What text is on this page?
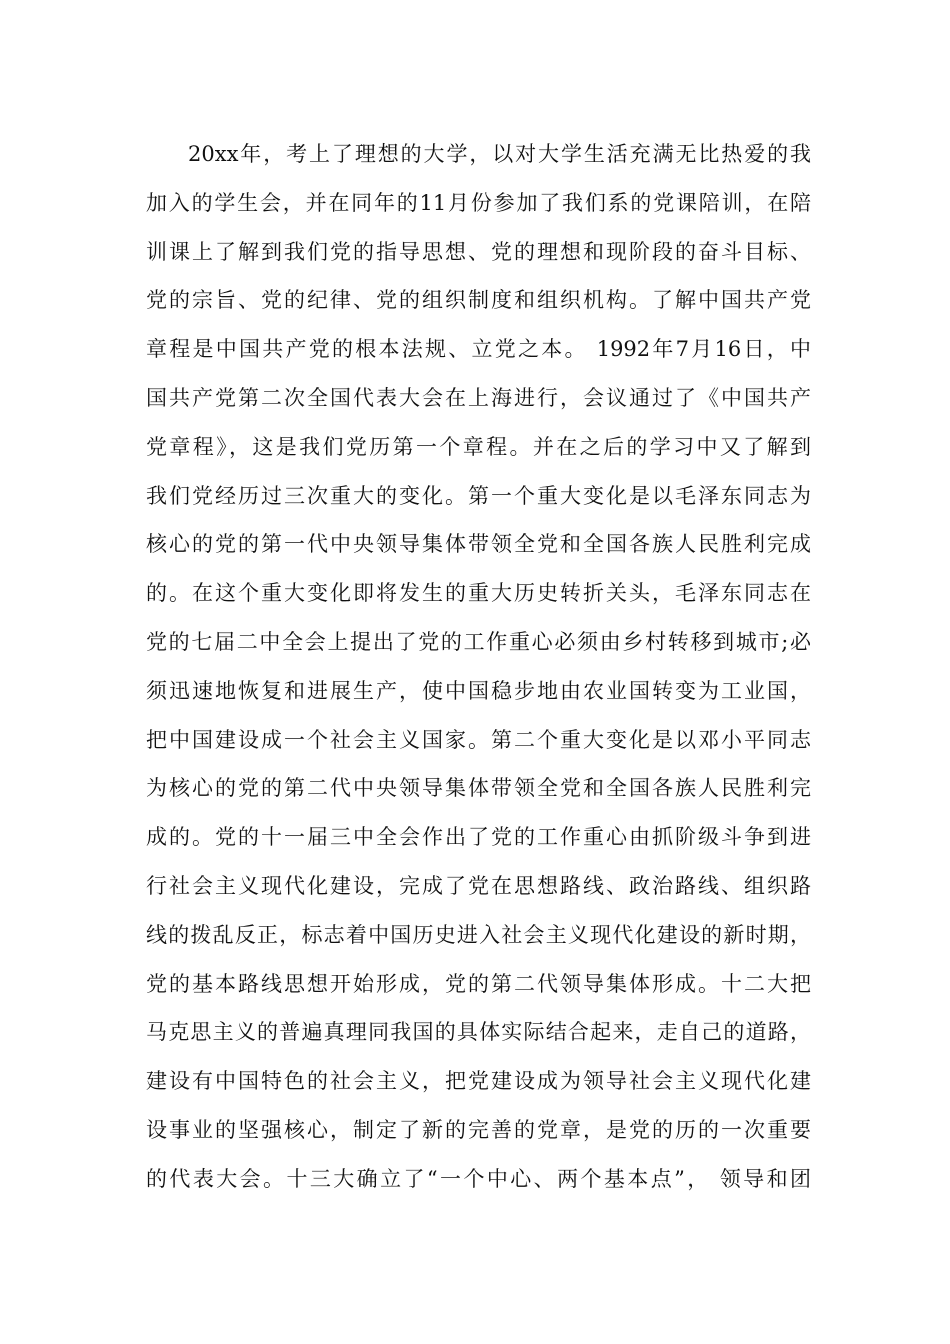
20xx年，考上了理想的大学，以对大学生活充满无比热爱的我
加入的学生会，并在同年的11月份参加了我们系的党课陪训，在陪
训课上了解到我们党的指导思想、党的理想和现阶段的奋斗目标、
党的宗旨、党的纪律、党的组织制度和组织机构。了解中国共产党
章程是中国共产党的根本法规、立党之本。 1992年7月16日，中
国共产党第二次全国代表大会在上海进行，会议通过了《中国共产
党章程》，这是我们党历第一个章程。并在之后的学习中又了解到
我们党经历过三次重大的变化。第一个重大变化是以毛泽东同志为
核心的党的第一代中央领导集体带领全党和全国各族人民胜利完成
的。在这个重大变化即将发生的重大历史转折关头，毛泽东同志在
党的七届二中全会上提出了党的工作重心必须由乡村转移到城市;必
须迅速地恢复和进展生产，使中国稳步地由农业国转变为工业国，
把中国建设成一个社会主义国家。第二个重大变化是以邓小平同志
为核心的党的第二代中央领导集体带领全党和全国各族人民胜利完
成的。党的十一届三中全会作出了党的工作重心由抓阶级斗争到进
行社会主义现代化建设，完成了党在思想路线、政治路线、组织路
线的拨乱反正，标志着中国历史进入社会主义现代化建设的新时期，
党的基本路线思想开始形成，党的第二代领导集体形成。十二大把
马克思主义的普遍真理同我国的具体实际结合起来，走自己的道路，
建设有中国特色的社会主义，把党建设成为领导社会主义现代化建
设事业的坚强核心，制定了新的完善的党章，是党的历的一次重要
的代表大会。十三大确立了“一个中心、两个基本点”， 领导和团
